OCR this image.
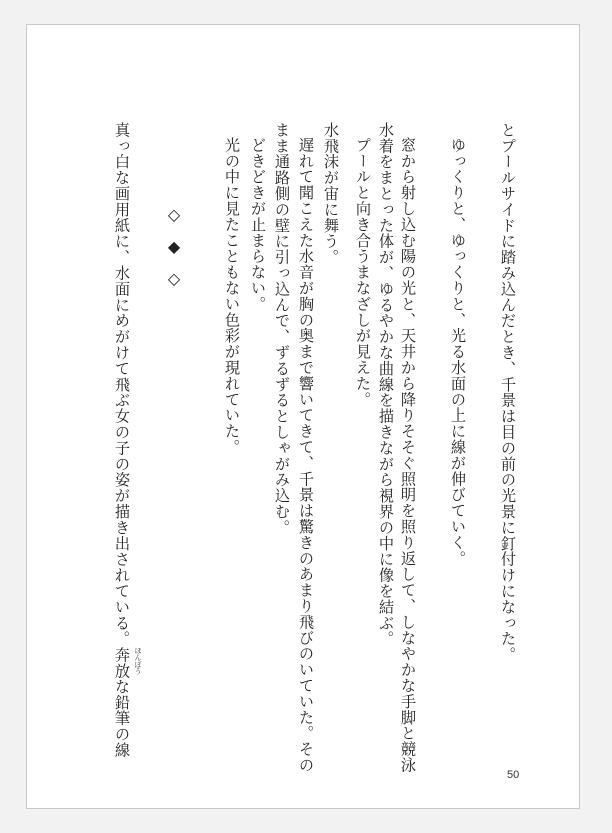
とプールサイドに踏み込んだとき、千景は目の前の光景に釘付けになった。
ゆっくりと、ゆっくりと、光る水面の上に線が伸びていく。
窓から射し込む陽の光と、天井から降りそそぐ照明を照り返して、しなやかな手脚と競泳
水着をまとった体が、ゆるやかな曲線を描きながら視界の中に像を結ぶ。
プールと向き合うまなざしが見えた。
水飛沫が宙に舞う。
遅れて聞こえた水音が胸の奥まで響いてきて、千景は驚きのあまり飛びのいていた。その
まま通路側の壁に引っ込んで、ずるずるとしゃがみ込む。
どきどきが止まらない。
光の中に見たこともない色彩が現れていた。
◇
◆
◇
真っ白な画用紙に、水面にめがけて飛ぶ女の子の姿が描き出されている。奔放 ほんぽう
な鉛筆の線
50
